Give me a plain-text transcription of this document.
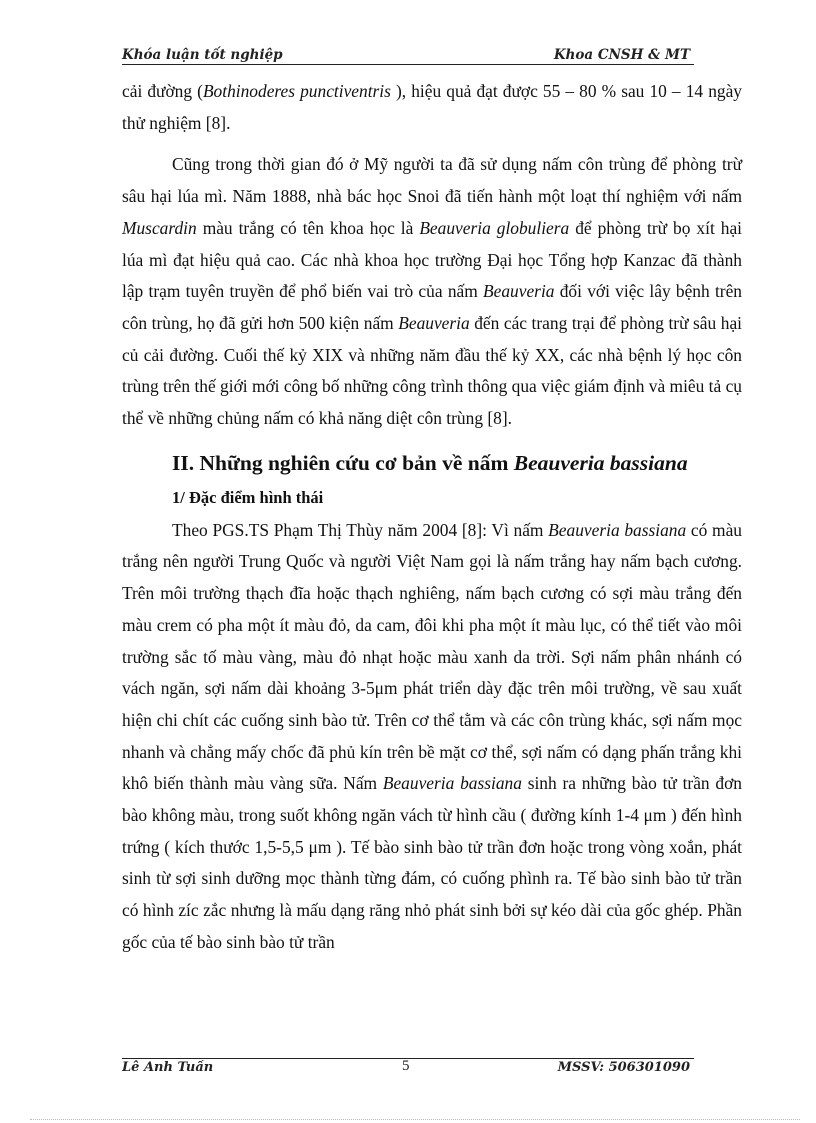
Khóa luận tốt nghiệp	Khoa CNSH & MT

cải đường (Bothinoderes punctiventris ), hiệu quả đạt được 55 – 80 % sau 10 – 14 ngày thử nghiệm [8].

Cũng trong thời gian đó ở Mỹ người ta đã sử dụng nấm côn trùng để phòng trừ sâu hại lúa mì. Năm 1888, nhà bác học Snoi đã tiến hành một loạt thí nghiệm với nấm Muscardin màu trắng có tên khoa học là Beauveria globuliera để phòng trừ bọ xít hại lúa mì đạt hiệu quả cao. Các nhà khoa học trường Đại học Tổng hợp Kanzac đã thành lập trạm tuyên truyền để phổ biến vai trò của nấm Beauveria đối với việc lây bệnh trên côn trùng, họ đã gửi hơn 500 kiện nấm Beauveria đến các trang trại để phòng trừ sâu hại củ cải đường. Cuối thế kỷ XIX và những năm đầu thế kỷ XX, các nhà bệnh lý học côn trùng trên thế giới mới công bố những công trình thông qua việc giám định và miêu tả cụ thể về những chủng nấm có khả năng diệt côn trùng [8].

II. Những nghiên cứu cơ bản về nấm Beauveria bassiana
1/ Đặc điểm hình thái

Theo PGS.TS Phạm Thị Thùy năm 2004 [8]: Vì nấm Beauveria bassiana có màu trắng nên người Trung Quốc và người Việt Nam gọi là nấm trắng hay nấm bạch cương. Trên môi trường thạch đĩa hoặc thạch nghiêng, nấm bạch cương có sợi màu trắng đến màu crem có pha một ít màu đỏ, da cam, đôi khi pha một ít màu lục, có thể tiết vào môi trường sắc tố màu vàng, màu đỏ nhạt hoặc màu xanh da trời. Sợi nấm phân nhánh có vách ngăn, sợi nấm dài khoảng 3-5μm phát triển dày đặc trên môi trường, về sau xuất hiện chi chít các cuống sinh bào tử. Trên cơ thể tằm và các côn trùng khác, sợi nấm mọc nhanh và chẳng mấy chốc đã phủ kín trên bề mặt cơ thể, sợi nấm có dạng phấn trắng khi khô biến thành màu vàng sữa. Nấm Beauveria bassiana sinh ra những bào tử trần đơn bào không màu, trong suốt không ngăn vách từ hình cầu ( đường kính 1-4 μm ) đến hình trứng ( kích thước 1,5-5,5 μm ). Tế bào sinh bào tử trần đơn hoặc trong vòng xoắn, phát sinh từ sợi sinh dưỡng mọc thành từng đám, có cuống phình ra. Tế bào sinh bào tử trần có hình zíc zắc nhưng là mấu dạng răng nhỏ phát sinh bởi sự kéo dài của gốc ghép. Phần gốc của tế bào sinh bào tử trần

Lê Anh Tuấn	5	MSSV: 506301090
